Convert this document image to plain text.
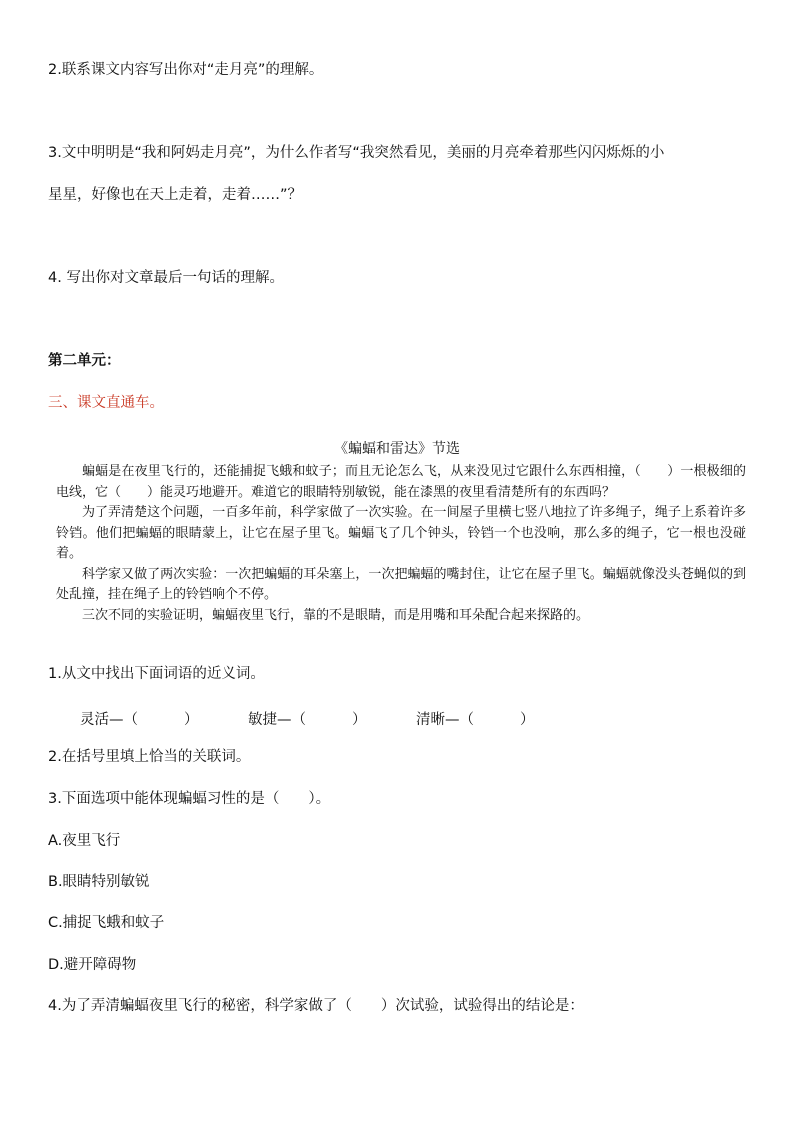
2.联系课文内容写出你对“走月亮”的理解。
3.文中明明是“我和阿妈走月亮”，为什么作者写“我突然看见，美丽的月亮牵着那些闪闪烁烁的小
星星，好像也在天上走着，走着……”？
4. 写出你对文章最后一句话的理解。
第二单元：
三、课文直通车。
《蝙蝠和雷达》节选

蝙蝠是在夜里飞行的，还能捕捉飞蛾和蚊子；而且无论怎么飞，从来没见过它跟什么东西相撞，（　　）一根极细的电线，它（　　）能灵巧地避开。难道它的眼睛特别敏锐，能在漆黑的夜里看清楚所有的东西吗？

为了弄清楚这个问题，一百多年前，科学家做了一次实验。在一间屋子里横七竖八地拉了许多绳子，绳子上系着许多铃铛。他们把蝙蝠的眼睛蒙上，让它在屋子里飞。蝙蝠飞了几个钟头，铃铛一个也没响，那么多的绳子，它一根也没碰着。

科学家又做了两次实验：一次把蝙蝠的耳朵塞上，一次把蝙蝠的嘴封住，让它在屋子里飞。蝙蝠就像没头苍蝇似的到处乱撞，挂在绳子上的铃铛响个不停。

三次不同的实验证明，蝙蝠夜里飞行，靠的不是眼睛，而是用嘴和耳朵配合起来探路的。

1.从文中找出下面词语的近义词。
灵活—（	）	敏捷—（	）	清晰—（	）
2.在括号里填上恰当的关联词。
3.下面选项中能体现蝙蝠习性的是（　　）。
A.夜里飞行
B.眼睛特别敏锐
C.捕捉飞蛾和蚊子
D.避开障碍物
4.为了弄清蝙蝠夜里飞行的秘密，科学家做了（　　）次试验，试验得出的结论是：
